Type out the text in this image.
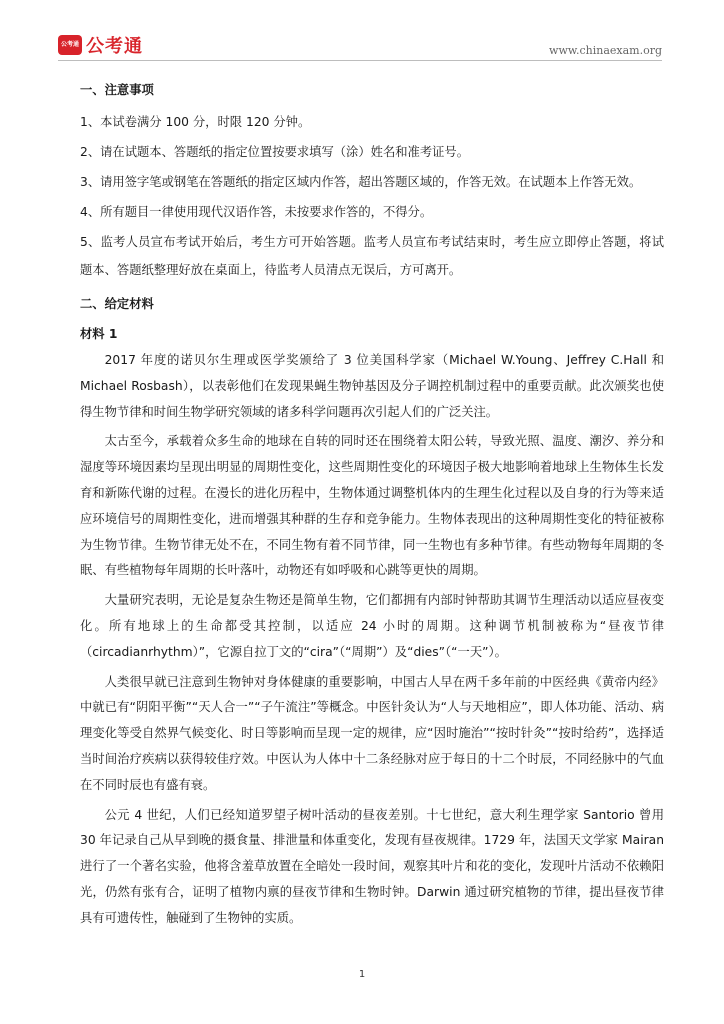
公考通 公考通	www.chinaexam.org

一、注意事项

1、本试卷满分 100 分，时限 120 分钟。

2、请在试题本、答题纸的指定位置按要求填写（涂）姓名和准考证号。

3、请用签字笔或钢笔在答题纸的指定区域内作答，超出答题区域的，作答无效。在试题本上作答无效。

4、所有题目一律使用现代汉语作答，未按要求作答的，不得分。

5、监考人员宣布考试开始后，考生方可开始答题。监考人员宣布考试结束时，考生应立即停止答题，将试题本、答题纸整理好放在桌面上，待监考人员清点无误后，方可离开。

二、给定材料

材料 1

2017 年度的诺贝尔生理或医学奖颁给了 3 位美国科学家（Michael W.Young、Jeffrey C.Hall 和 Michael Rosbash），以表彰他们在发现果蝇生物钟基因及分子调控机制过程中的重要贡献。此次颁奖也使得生物节律和时间生物学研究领域的诸多科学问题再次引起人们的广泛关注。

太古至今，承载着众多生命的地球在自转的同时还在围绕着太阳公转，导致光照、温度、潮汐、养分和湿度等环境因素均呈现出明显的周期性变化，这些周期性变化的环境因子极大地影响着地球上生物体生长发育和新陈代谢的过程。在漫长的进化历程中，生物体通过调整机体内的生理生化过程以及自身的行为等来适应环境信号的周期性变化，进而增强其种群的生存和竞争能力。生物体表现出的这种周期性变化的特征被称为生物节律。生物节律无处不在，不同生物有着不同节律，同一生物也有多种节律。有些动物每年周期的冬眠、有些植物每年周期的长叶落叶，动物还有如呼吸和心跳等更快的周期。

大量研究表明，无论是复杂生物还是简单生物，它们都拥有内部时钟帮助其调节生理活动以适应昼夜变化。所有地球上的生命都受其控制，以适应 24 小时的周期。这种调节机制被称为“昼夜节律（circadianrhythm）”，它源自拉丁文的“cira”（“周期”）及“dies”（“一天”）。

人类很早就已注意到生物钟对身体健康的重要影响，中国古人早在两千多年前的中医经典《黄帝内经》中就已有“阴阳平衡”“天人合一”“子午流注”等概念。中医针灸认为“人与天地相应”，即人体功能、活动、病理变化等受自然界气候变化、时日等影响而呈现一定的规律，应“因时施治”“按时针灸”“按时给药”，选择适当时间治疗疾病以获得较佳疗效。中医认为人体中十二条经脉对应于每日的十二个时辰，不同经脉中的气血在不同时辰也有盛有衰。

公元 4 世纪，人们已经知道罗望子树叶活动的昼夜差别。十七世纪，意大利生理学家 Santorio 曾用 30 年记录自己从早到晚的摄食量、排泄量和体重变化，发现有昼夜规律。1729 年，法国天文学家 Mairan 进行了一个著名实验，他将含羞草放置在全暗处一段时间，观察其叶片和花的变化，发现叶片活动不依赖阳光，仍然有张有合，证明了植物内禀的昼夜节律和生物时钟。Darwin 通过研究植物的节律，提出昼夜节律具有可遗传性，触碰到了生物钟的实质。

1
